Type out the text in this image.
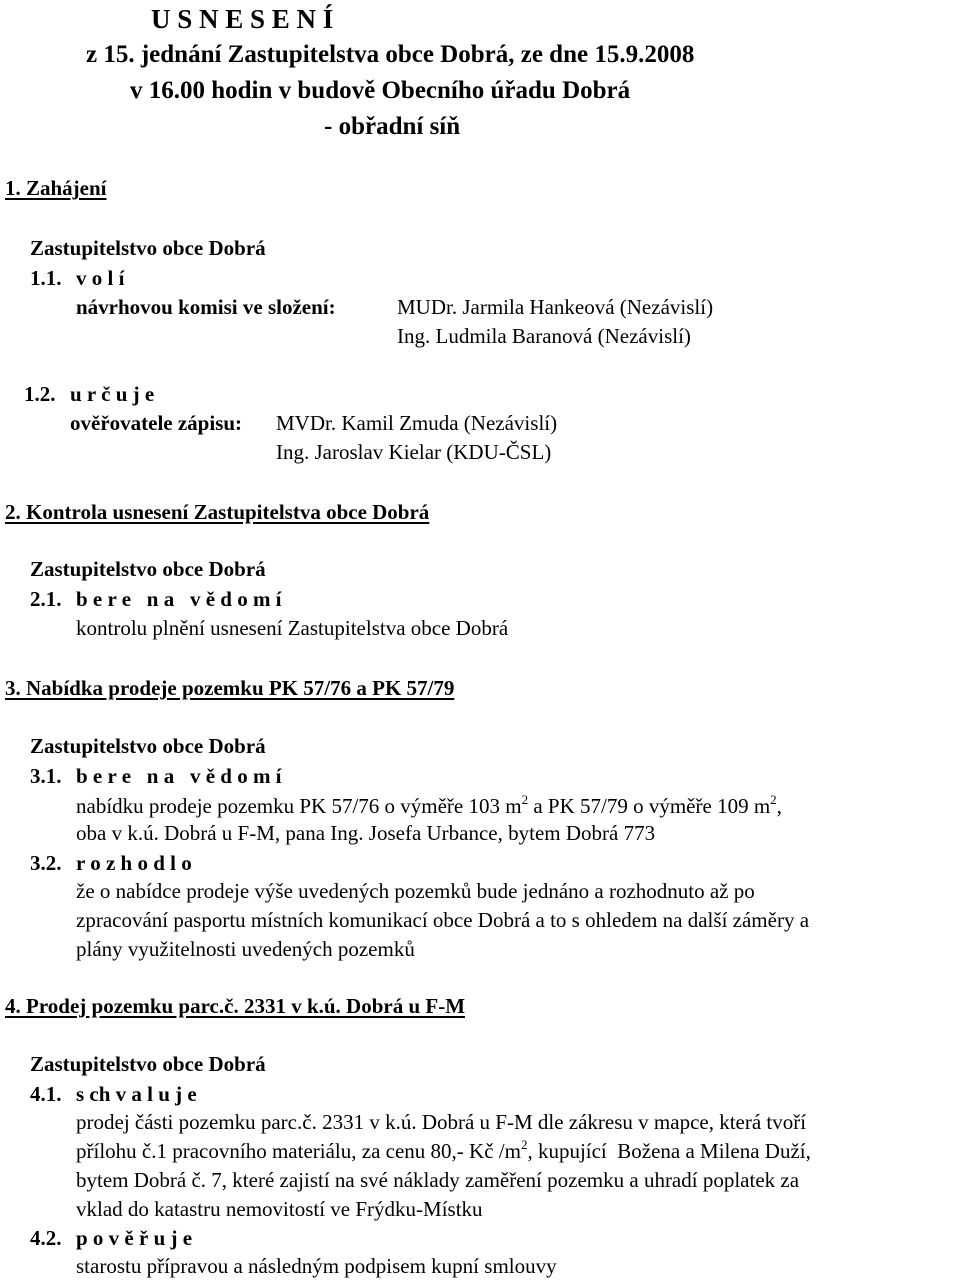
U S N E S E N Í
z 15. jednání Zastupitelstva obce Dobrá, ze dne 15.9.2008
v 16.00 hodin v budově Obecního úřadu Dobrá
- obřadní síň
1. Zahájení
Zastupitelstvo obce Dobrá
1.1. v o l í
návrhovou komisi ve složení:	MUDr. Jarmila Hankeová (Nezávislí)
Ing. Ludmila Baranová (Nezávislí)
1.2. u r č u j e
ověřovatele zápisu: MVDr. Kamil Zmuda (Nezávislí)
Ing. Jaroslav Kielar (KDU-ČSL)
2. Kontrola usnesení Zastupitelstva obce Dobrá
Zastupitelstvo obce Dobrá
2.1. b e r e   n a   v ě d o m í
kontrolu plnění usnesení Zastupitelstva obce Dobrá
3. Nabídka prodeje pozemku PK 57/76 a PK 57/79
Zastupitelstvo obce Dobrá
3.1. b e r e   n a   v ě d o m í
nabídku prodeje pozemku PK 57/76 o výměře 103 $m^2$ a PK 57/79 o výměře 109 $m^2$,
oba v k.ú. Dobrá u F-M, pana Ing. Josefa Urbance, bytem Dobrá 773
3.2. r o z h o d l o
že o nabídce prodeje výše uvedených pozemků bude jednáno a rozhodnuto až po
zpracování pasportu místních komunikací obce Dobrá a to s ohledem na další záměry a
plány využitelnosti uvedených pozemků
4. Prodej pozemku parc.č. 2331 v k.ú. Dobrá u F-M
Zastupitelstvo obce Dobrá
4.1. s ch v a l u j e
prodej části pozemku parc.č. 2331 v k.ú. Dobrá u F-M dle zákresu v mapce, která tvoří
přílohu č.1 pracovního materiálu, za cenu 80,- Kč $/m^2$, kupující  Božena a Milena Duží,
bytem Dobrá č. 7, které zajistí na své náklady zaměření pozemku a uhradí poplatek za
vklad do katastru nemovitostí ve Frýdku-Místku
4.2. p o v ě ř u j e
starostu přípravou a následným podpisem kupní smlouvy
